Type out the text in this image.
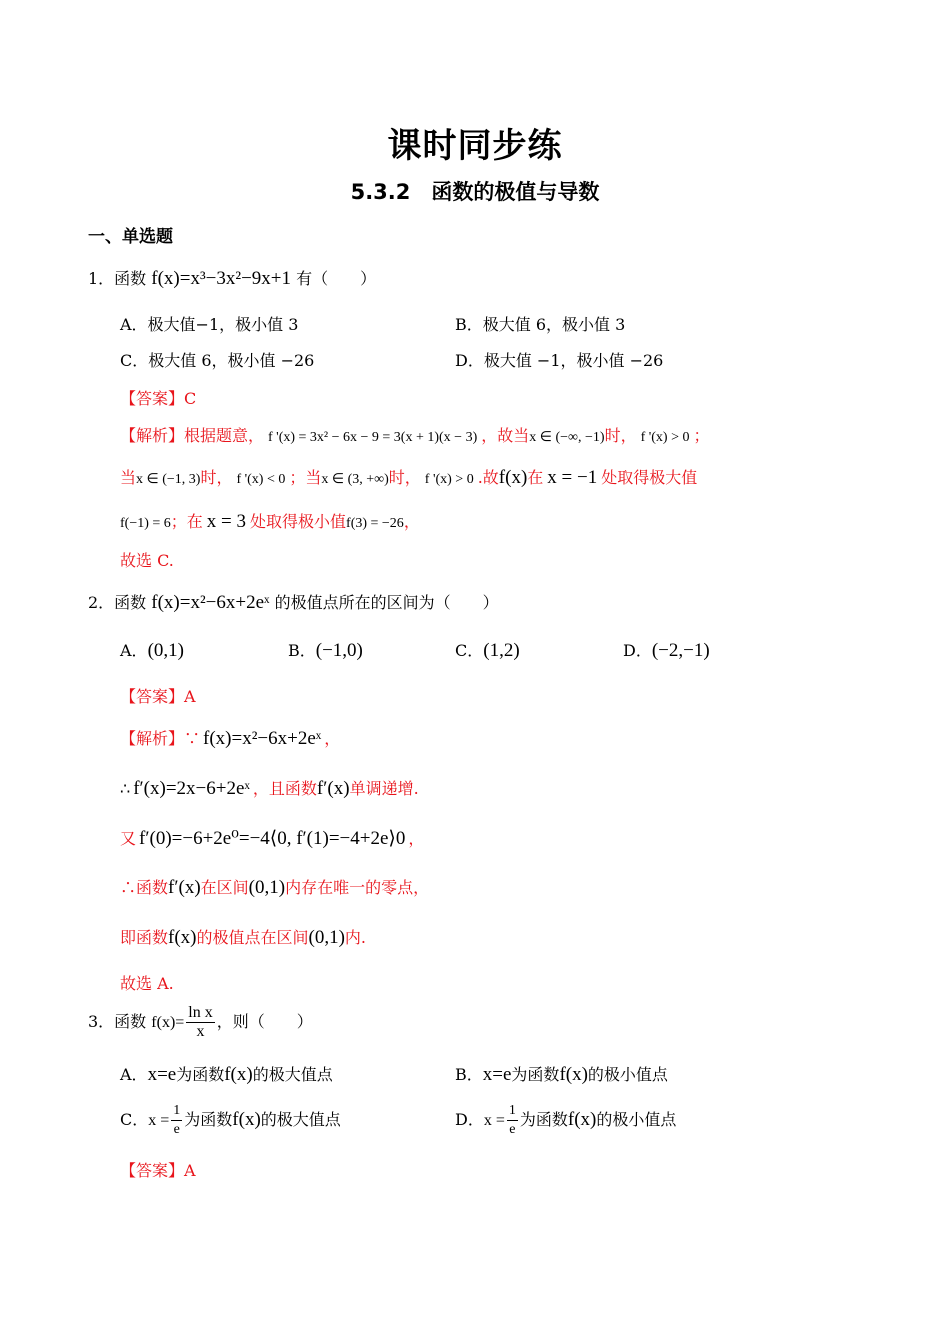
课时同步练
5.3.2　函数的极值与导数
一、单选题
1．函数 f(x)=x³−3x²−9x+1 有（　　）
A．极大值−1，极小值 3	B．极大值 6，极小值 3
C．极大值 6，极小值 −26	D．极大值 −1，极小值 −26
【答案】C
【解析】根据题意， f '(x) = 3x² − 6x − 9 = 3(x + 1)(x − 3) ，故当x ∈ (−∞, −1)时， f '(x) > 0 ；
当x ∈ (−1, 3)时， f '(x) < 0 ；当x ∈ (3, +∞)时， f '(x) > 0 .故f(x)在 x = −1 处取得极大值
f(−1) = 6；在 x = 3 处取得极小值f(3) = −26，
故选 C.
2．函数 f(x)=x²−6x+2eˣ 的极值点所在的区间为（　　）
A．(0,1)	B．(−1,0)	C．(1,2)	D．(−2,−1)
【答案】A
【解析】∵ f(x)=x²−6x+2eˣ ，
∴ f′(x)=2x−6+2eˣ ，且函数f′(x)单调递增.
又 f′(0)=−6+2e⁰=−4⟨0, f′(1)=−4+2e⟩0 ，
∴函数f′(x)在区间(0,1)内存在唯一的零点，
即函数f(x)的极值点在区间(0,1)内.
故选 A.
3．函数 $f(x)= \frac{\text{ln x}}{x}$ ，则（　　）
A．x=e为函数f(x)的极大值点	B．x=e为函数f(x)的极小值点
C．$x = \frac{1}{e}$ 为函数f(x)的极大值点	D．$x = \frac{1}{e}$ 为函数f(x)的极小值点
【答案】A
